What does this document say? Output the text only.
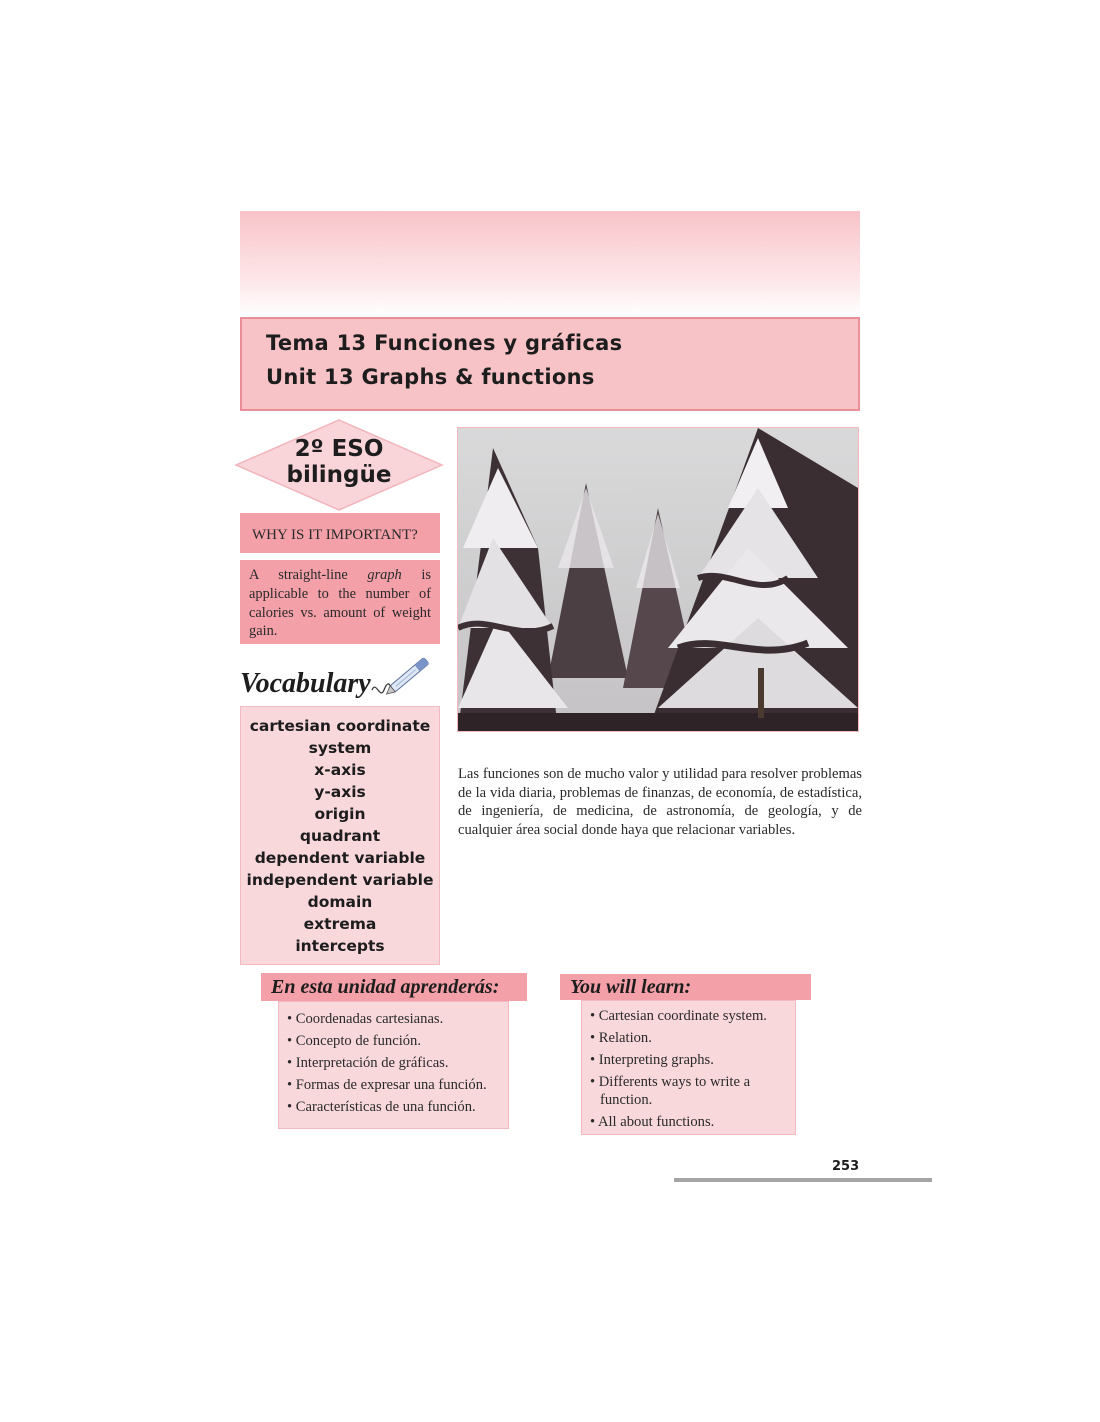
Tema 13 Funciones y gráficas
Unit 13 Graphs & functions
2º ESO
bilingüe
WHY IS IT IMPORTANT?
A straight-line graph is applicable to the number of calories vs. amount of weight gain.
Vocabulary
cartesian coordinate
system
x-axis
y-axis
origin
quadrant
dependent variable
independent variable
domain
extrema
intercepts
Las funciones son de mucho valor y utilidad para resolver problemas de la vida diaria, problemas de finanzas, de economía, de estadística, de ingeniería, de medicina, de astronomía, de geología, y de cualquier área social donde haya que relacionar variables.
En esta unidad aprenderás:
• Coordenadas cartesianas.
• Concepto de función.
• Interpretación de gráficas.
• Formas de expresar una función.
• Características de una función.
You will learn:
• Cartesian coordinate system.
• Relation.
• Interpreting graphs.
• Differents ways to write a function.
• All about functions.
253
